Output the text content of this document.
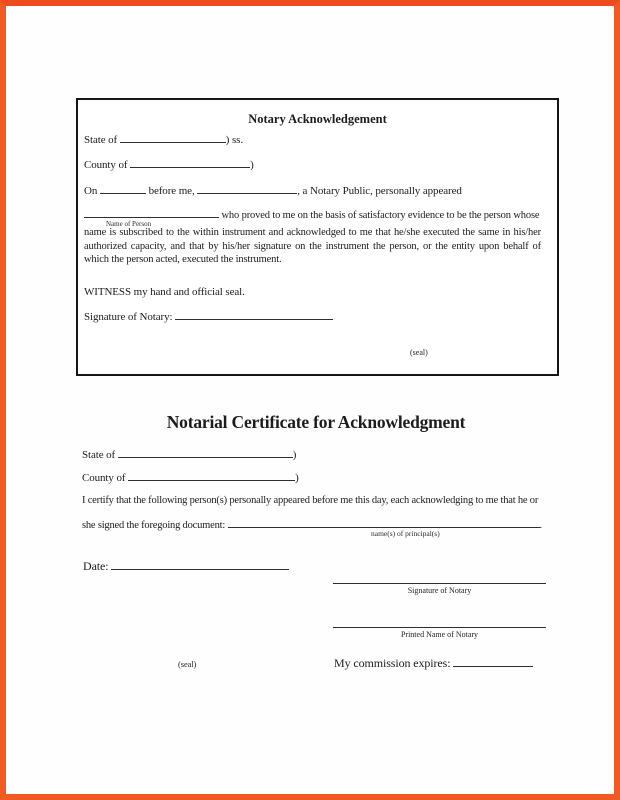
Notary Acknowledgement
State of	) ss.
County of	)
On	before me,	, a Notary Public, personally appeared
Name of Person
who proved to me on the basis of satisfactory evidence to be the person whose
name is subscribed to the within instrument and acknowledged to me that he/she executed the same in his/her authorized capacity, and that by his/her signature on the instrument the person, or the entity upon behalf of which the person acted, executed the instrument.
WITNESS my hand and official seal.
Signature of Notary:
(seal)
Notarial Certificate for Acknowledgment
State of	)
County of	)
I certify that the following person(s) personally appeared before me this day, each acknowledging to me that he or
she signed the foregoing document:	.
name(s) of principal(s)
Date:
Signature of Notary
Printed Name of Notary
(seal)	My commission expires:
